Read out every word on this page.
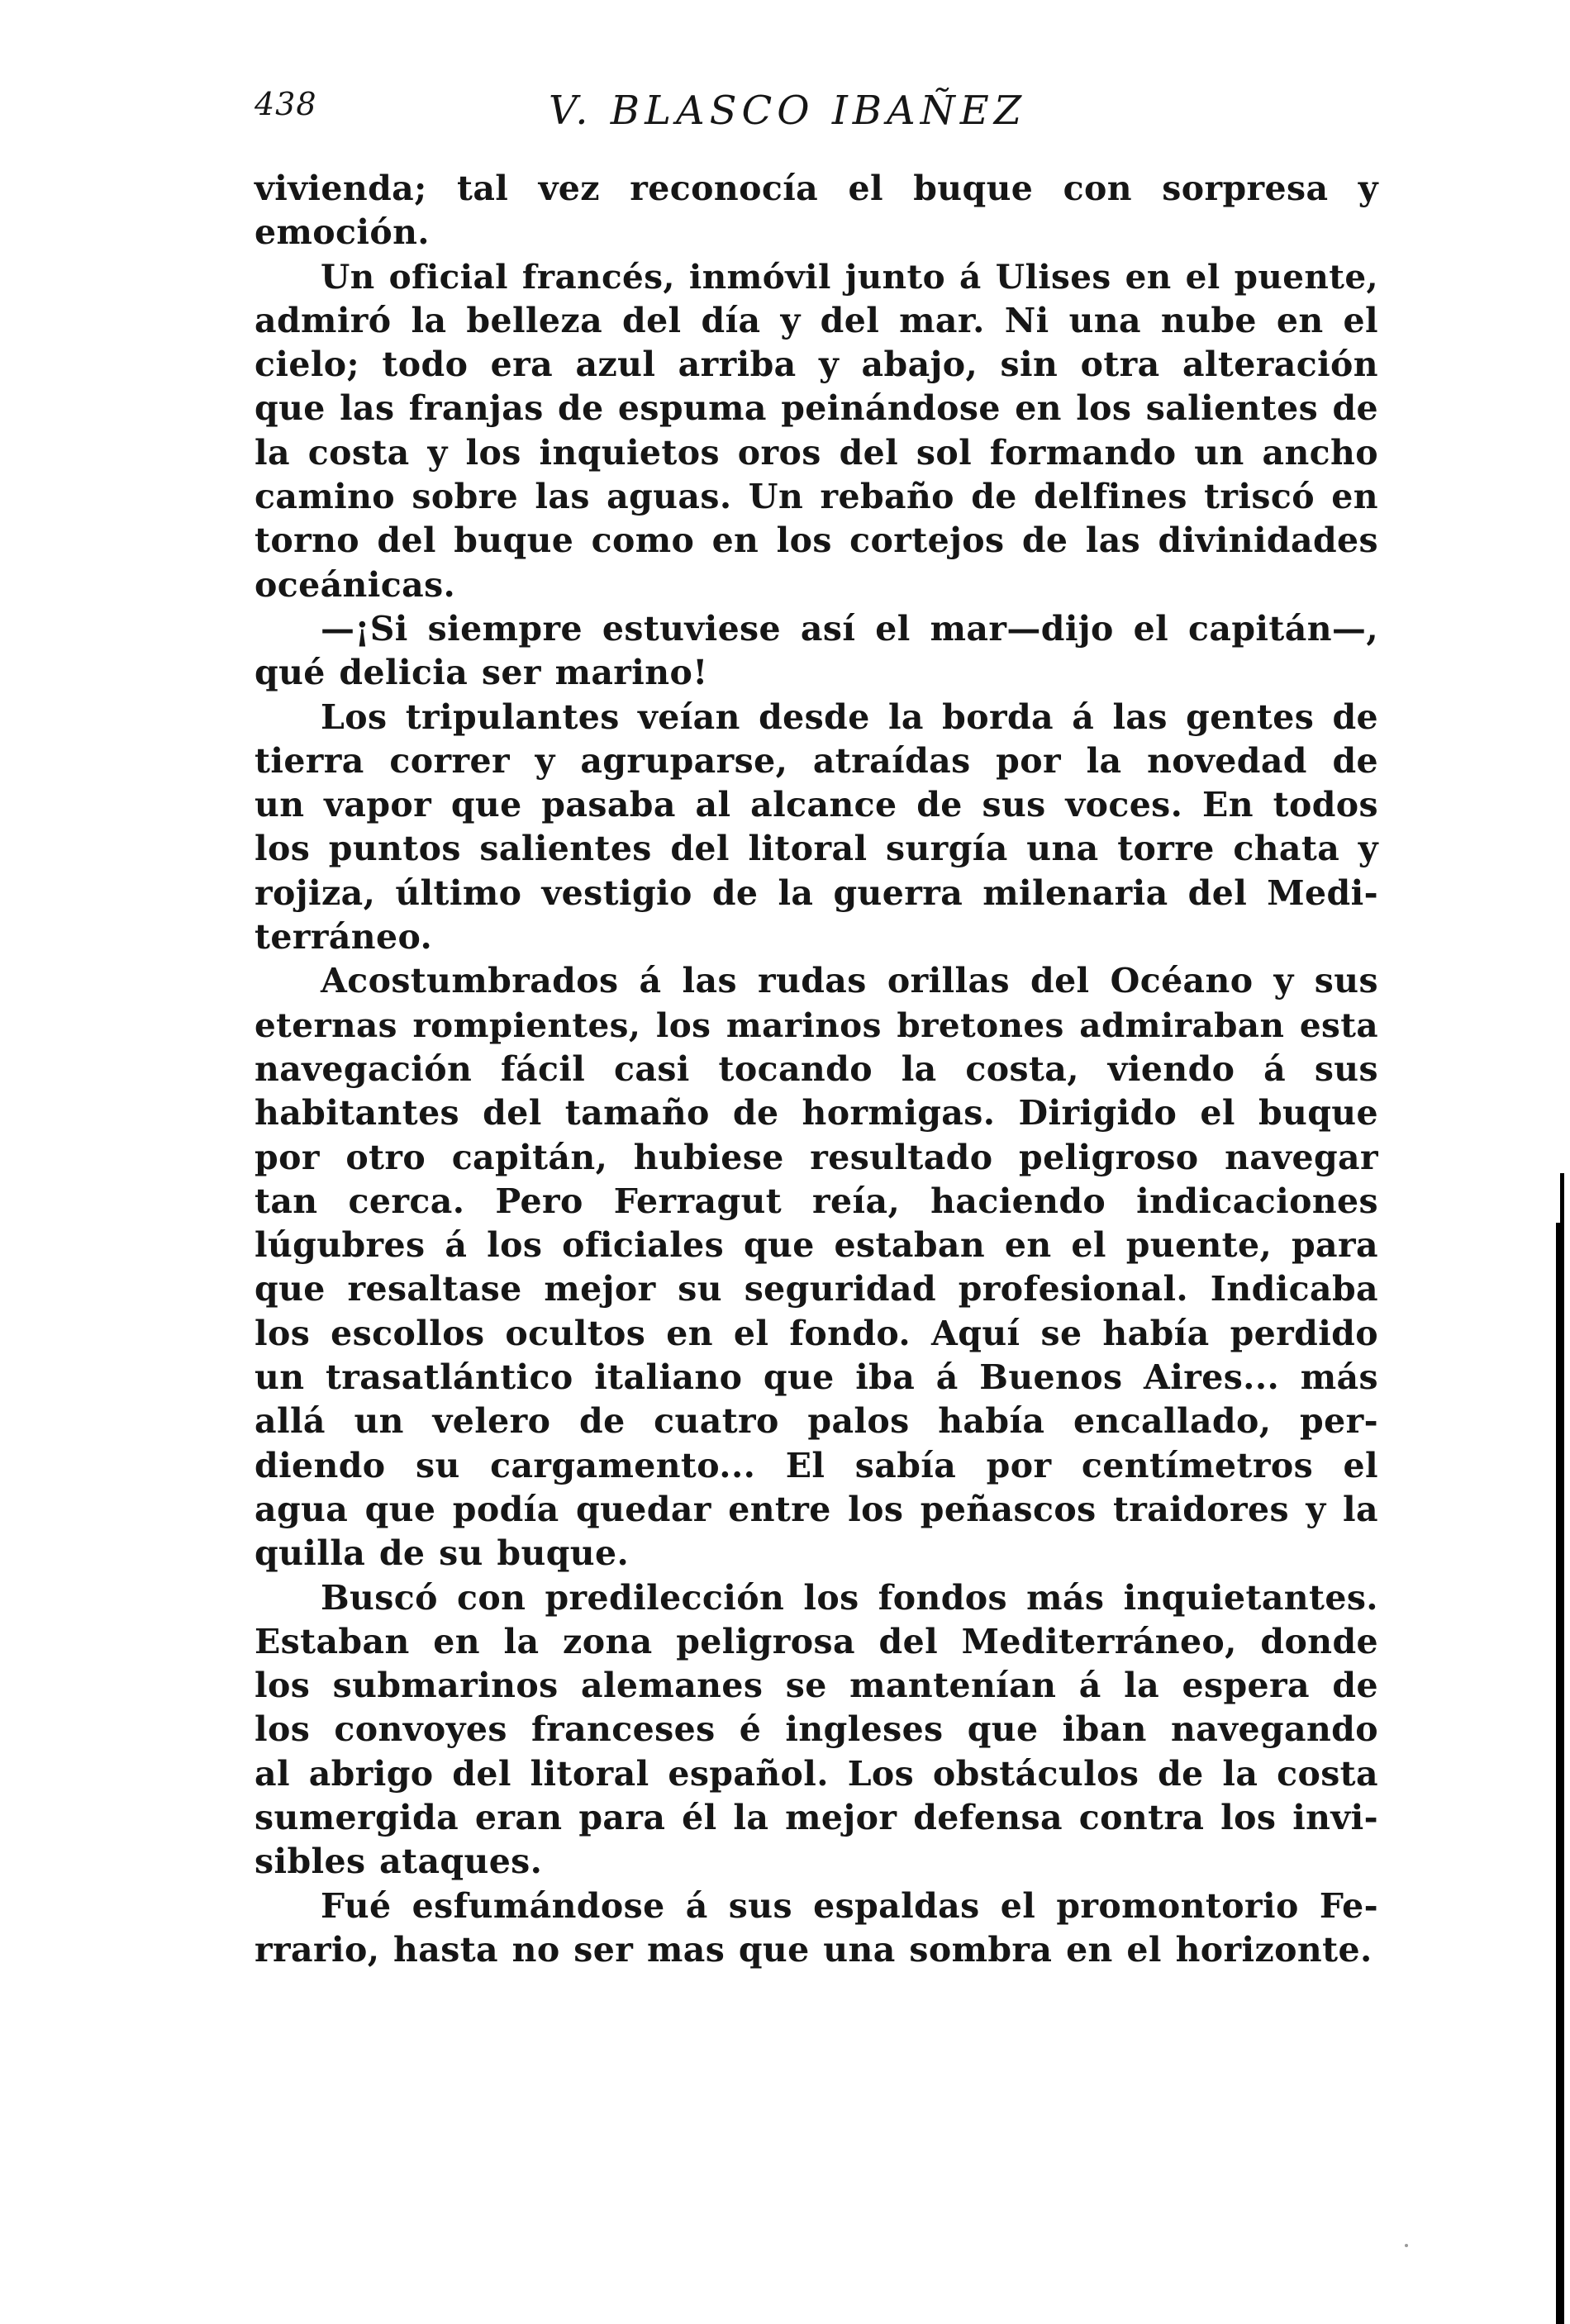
438	V. BLASCO IBAÑEZ
vivienda; tal vez reconocía el buque con sorpresa y
emoción.
Un oficial francés, inmóvil junto á Ulises en el puente,
admiró la belleza del día y del mar. Ni una nube en el
cielo; todo era azul arriba y abajo, sin otra alteración
que las franjas de espuma peinándose en los salientes de
la costa y los inquietos oros del sol formando un ancho
camino sobre las aguas. Un rebaño de delfines triscó en
torno del buque como en los cortejos de las divinidades
oceánicas.
—¡Si siempre estuviese así el mar—dijo el capitán—,
qué delicia ser marino!
Los tripulantes veían desde la borda á las gentes de
tierra correr y agruparse, atraídas por la novedad de
un vapor que pasaba al alcance de sus voces. En todos
los puntos salientes del litoral surgía una torre chata y
rojiza, último vestigio de la guerra milenaria del Medi-
terráneo.
Acostumbrados á las rudas orillas del Océano y sus
eternas rompientes, los marinos bretones admiraban esta
navegación fácil casi tocando la costa, viendo á sus
habitantes del tamaño de hormigas. Dirigido el buque
por otro capitán, hubiese resultado peligroso navegar
tan cerca. Pero Ferragut reía, haciendo indicaciones
lúgubres á los oficiales que estaban en el puente, para
que resaltase mejor su seguridad profesional. Indicaba
los escollos ocultos en el fondo. Aquí se había perdido
un trasatlántico italiano que iba á Buenos Aires... más
allá un velero de cuatro palos había encallado, per-
diendo su cargamento... El sabía por centímetros el
agua que podía quedar entre los peñascos traidores y la
quilla de su buque.
Buscó con predilección los fondos más inquietantes.
Estaban en la zona peligrosa del Mediterráneo, donde
los submarinos alemanes se mantenían á la espera de
los convoyes franceses é ingleses que iban navegando
al abrigo del litoral español. Los obstáculos de la costa
sumergida eran para él la mejor defensa contra los invi-
sibles ataques.
Fué esfumándose á sus espaldas el promontorio Fe-
rrario, hasta no ser mas que una sombra en el horizonte.
